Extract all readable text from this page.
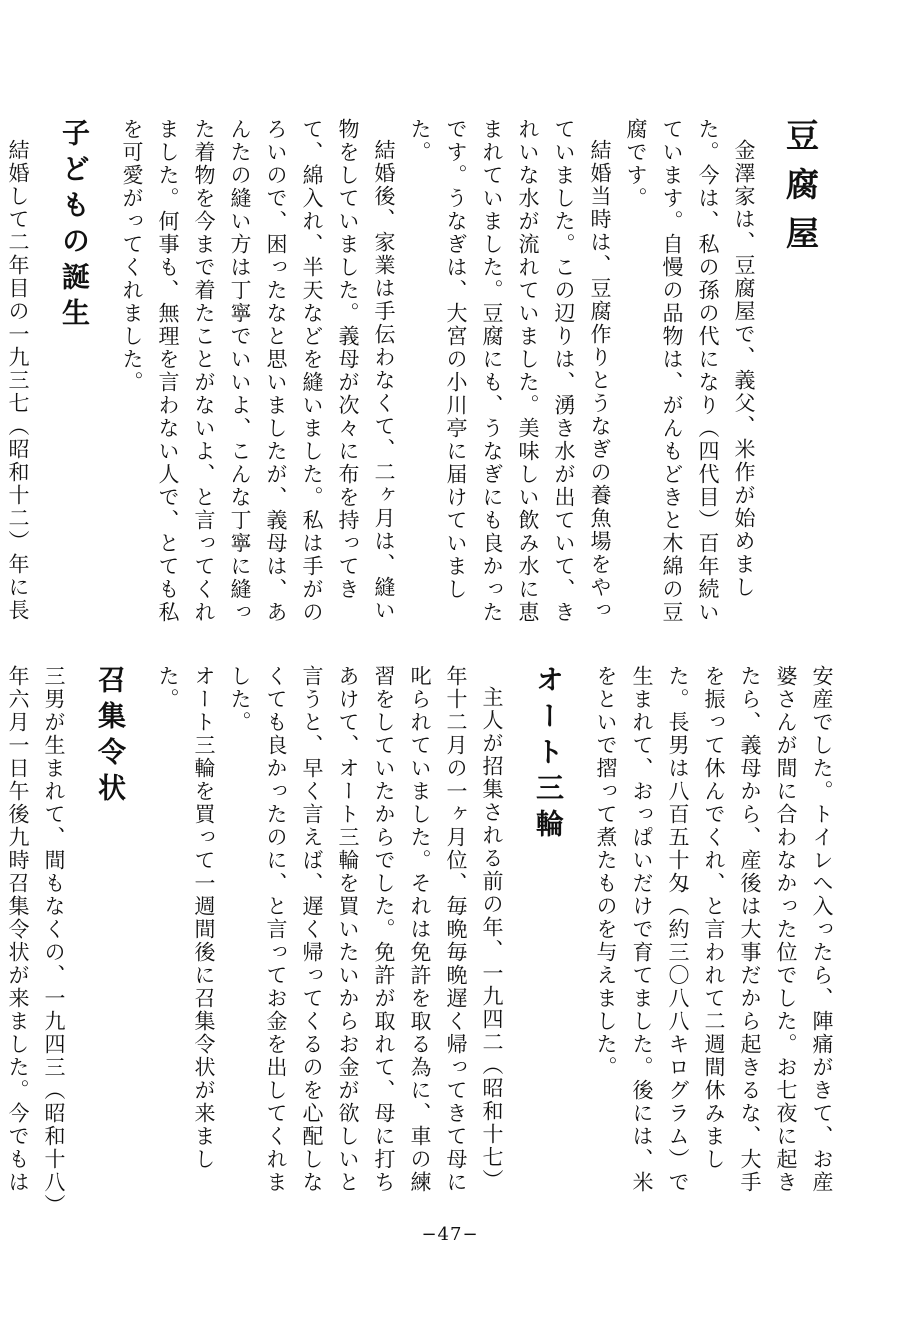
豆腐屋

金澤家は、豆腐屋で、義父、米作が始めました。今は、私の孫の代になり（四代目）百年続いています。自慢の品物は、がんもどきと木綿の豆腐です。

結婚当時は、豆腐作りとうなぎの養魚場をやっていました。この辺りは、湧き水が出ていて、きれいな水が流れていました。美味しい飲み水に恵まれていました。豆腐にも、うなぎにも良かったです。うなぎは、大宮の小川亭に届けていました。

結婚後、家業は手伝わなくて、二ヶ月は、縫い物をしていました。義母が次々に布を持ってきて、綿入れ、半天などを縫いました。私は手がのろいので、困ったなと思いましたが、義母は、あんたの縫い方は丁寧でいいよ、こんな丁寧に縫った着物を今まで着たことがないよ、と言ってくれました。何事も、無理を言わない人で、とても私を可愛がってくれました。

子どもの誕生

結婚して二年目の一九三七（昭和十二）年に長

安産でした。トイレへ入ったら、陣痛がきて、お産婆さんが間に合わなかった位でした。お七夜に起きたら、義母から、産後は大事だから起きるな、大手を振って休んでくれ、と言われて二週間休みました。長男は八百五十匁（約三〇八八キログラム）で生まれて、おっぱいだけで育てました。後には、米をといで摺って煮たものを与えました。

オート三輪

主人が招集される前の年、一九四二（昭和十七）年十二月の一ヶ月位、毎晩毎晩遅く帰ってきて母に叱られていました。それは免許を取る為に、車の練習をしていたからでした。免許が取れて、母に打ちあけて、オート三輪を買いたいからお金が欲しいと言うと、早く言えば、遅く帰ってくるのを心配しなくても良かったのに、と言ってお金を出してくれました。

オート三輪を買って一週間後に召集令状が来ました。

召集令状

三男が生まれて、間もなくの、一九四三（昭和十八）年六月一日午後九時召集令状が来ました。今でもは

−47−
